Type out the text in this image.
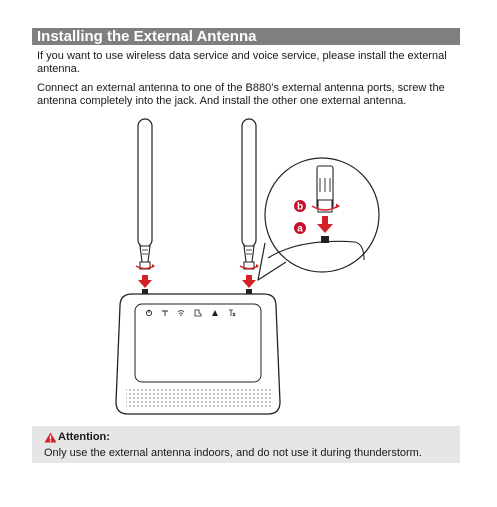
Installing the External Antenna
If you want to use wireless data service and voice service, please install the external antenna.
Connect an external antenna to one of the B880’s external antenna ports, screw the antenna completely into the jack. And install the other one external antenna.
b
a
Attention:
Only use the external antenna indoors, and do not use it during thunderstorm.
